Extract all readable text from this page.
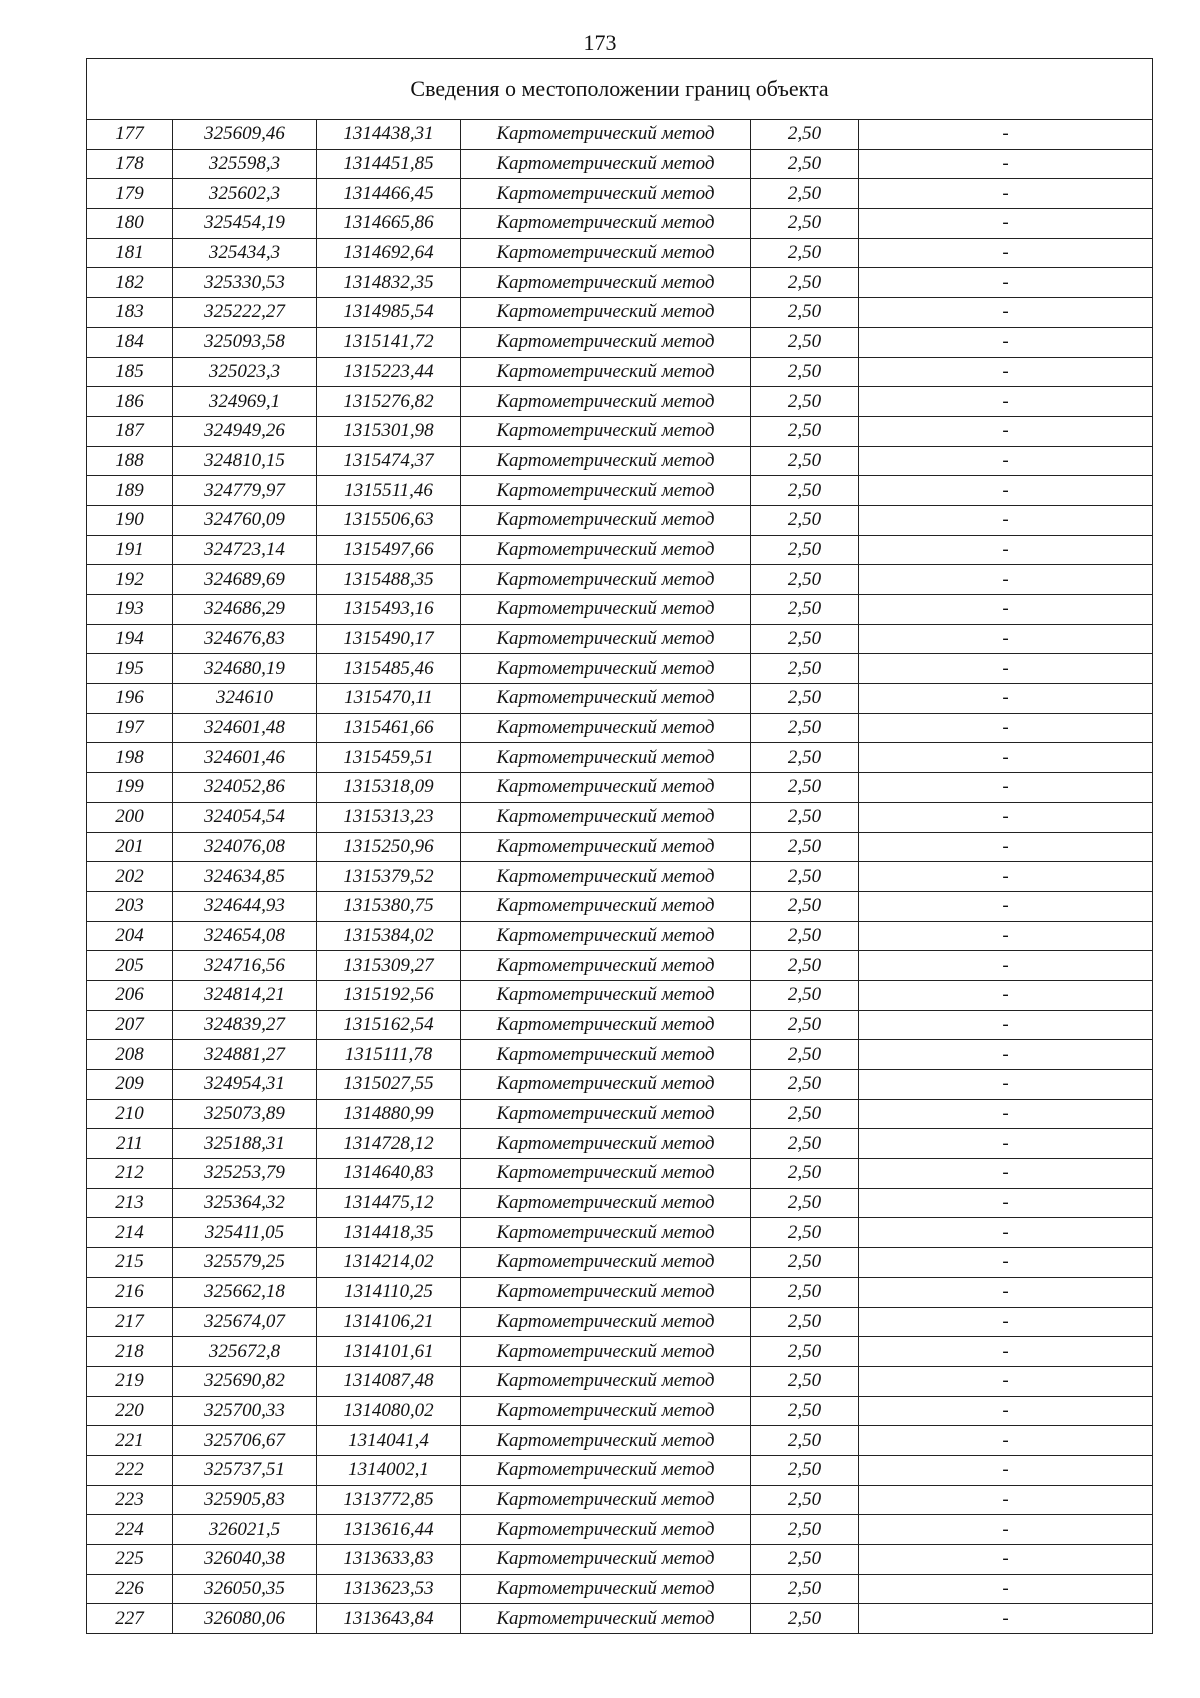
173
Сведения о местоположении границ объекта					
177	325609,46	1314438,31	Картометрический метод	2,50	-
178	325598,3	1314451,85	Картометрический метод	2,50	-
179	325602,3	1314466,45	Картометрический метод	2,50	-
180	325454,19	1314665,86	Картометрический метод	2,50	-
181	325434,3	1314692,64	Картометрический метод	2,50	-
182	325330,53	1314832,35	Картометрический метод	2,50	-
183	325222,27	1314985,54	Картометрический метод	2,50	-
184	325093,58	1315141,72	Картометрический метод	2,50	-
185	325023,3	1315223,44	Картометрический метод	2,50	-
186	324969,1	1315276,82	Картометрический метод	2,50	-
187	324949,26	1315301,98	Картометрический метод	2,50	-
188	324810,15	1315474,37	Картометрический метод	2,50	-
189	324779,97	1315511,46	Картометрический метод	2,50	-
190	324760,09	1315506,63	Картометрический метод	2,50	-
191	324723,14	1315497,66	Картометрический метод	2,50	-
192	324689,69	1315488,35	Картометрический метод	2,50	-
193	324686,29	1315493,16	Картометрический метод	2,50	-
194	324676,83	1315490,17	Картометрический метод	2,50	-
195	324680,19	1315485,46	Картометрический метод	2,50	-
196	324610	1315470,11	Картометрический метод	2,50	-
197	324601,48	1315461,66	Картометрический метод	2,50	-
198	324601,46	1315459,51	Картометрический метод	2,50	-
199	324052,86	1315318,09	Картометрический метод	2,50	-
200	324054,54	1315313,23	Картометрический метод	2,50	-
201	324076,08	1315250,96	Картометрический метод	2,50	-
202	324634,85	1315379,52	Картометрический метод	2,50	-
203	324644,93	1315380,75	Картометрический метод	2,50	-
204	324654,08	1315384,02	Картометрический метод	2,50	-
205	324716,56	1315309,27	Картометрический метод	2,50	-
206	324814,21	1315192,56	Картометрический метод	2,50	-
207	324839,27	1315162,54	Картометрический метод	2,50	-
208	324881,27	1315111,78	Картометрический метод	2,50	-
209	324954,31	1315027,55	Картометрический метод	2,50	-
210	325073,89	1314880,99	Картометрический метод	2,50	-
211	325188,31	1314728,12	Картометрический метод	2,50	-
212	325253,79	1314640,83	Картометрический метод	2,50	-
213	325364,32	1314475,12	Картометрический метод	2,50	-
214	325411,05	1314418,35	Картометрический метод	2,50	-
215	325579,25	1314214,02	Картометрический метод	2,50	-
216	325662,18	1314110,25	Картометрический метод	2,50	-
217	325674,07	1314106,21	Картометрический метод	2,50	-
218	325672,8	1314101,61	Картометрический метод	2,50	-
219	325690,82	1314087,48	Картометрический метод	2,50	-
220	325700,33	1314080,02	Картометрический метод	2,50	-
221	325706,67	1314041,4	Картометрический метод	2,50	-
222	325737,51	1314002,1	Картометрический метод	2,50	-
223	325905,83	1313772,85	Картометрический метод	2,50	-
224	326021,5	1313616,44	Картометрический метод	2,50	-
225	326040,38	1313633,83	Картометрический метод	2,50	-
226	326050,35	1313623,53	Картометрический метод	2,50	-
227	326080,06	1313643,84	Картометрический метод	2,50	-
